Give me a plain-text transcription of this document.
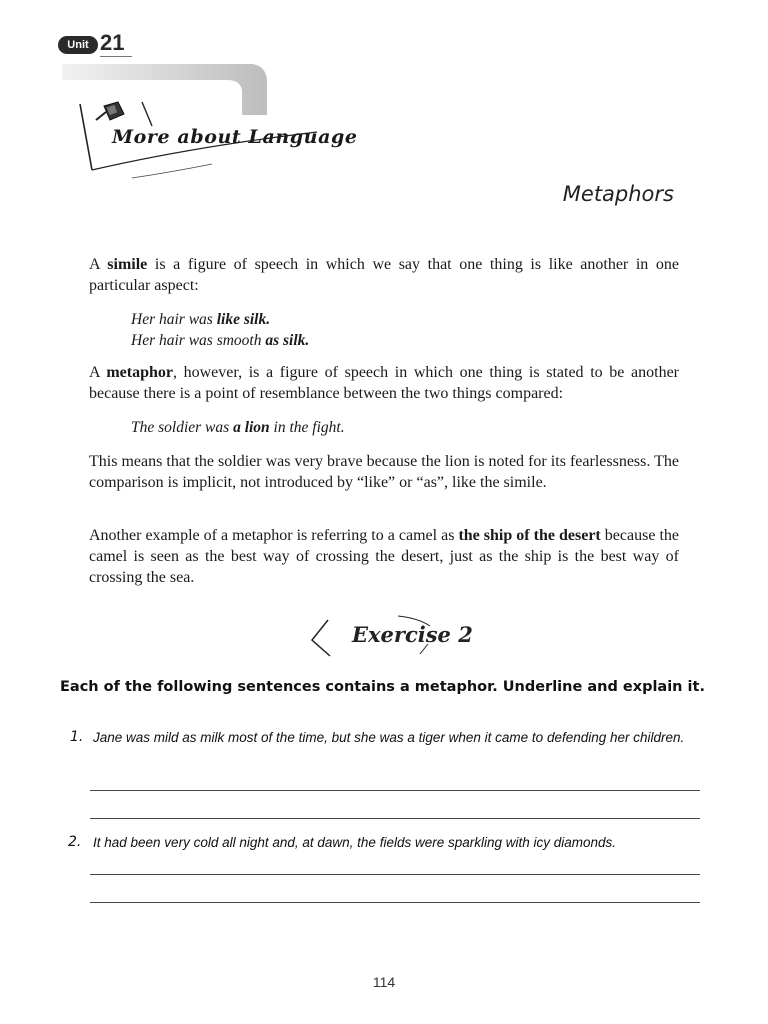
Unit 21
More about Language
Metaphors
A simile is a figure of speech in which we say that one thing is like another in one particular aspect:
Her hair was like silk.
Her hair was smooth as silk.
A metaphor, however, is a figure of speech in which one thing is stated to be another because there is a point of resemblance between the two things compared:
The soldier was a lion in the fight.
This means that the soldier was very brave because the lion is noted for its fearlessness. The comparison is implicit, not introduced by “like” or “as”, like the simile.
Another example of a metaphor is referring to a camel as the ship of the desert because the camel is seen as the best way of crossing the desert, just as the ship is the best way of crossing the sea.
Exercise 2
Each of the following sentences contains a metaphor. Underline and explain it.
1. Jane was mild as milk most of the time, but she was a tiger when it came to defending her children.
2. It had been very cold all night and, at dawn, the fields were sparkling with icy diamonds.
114
